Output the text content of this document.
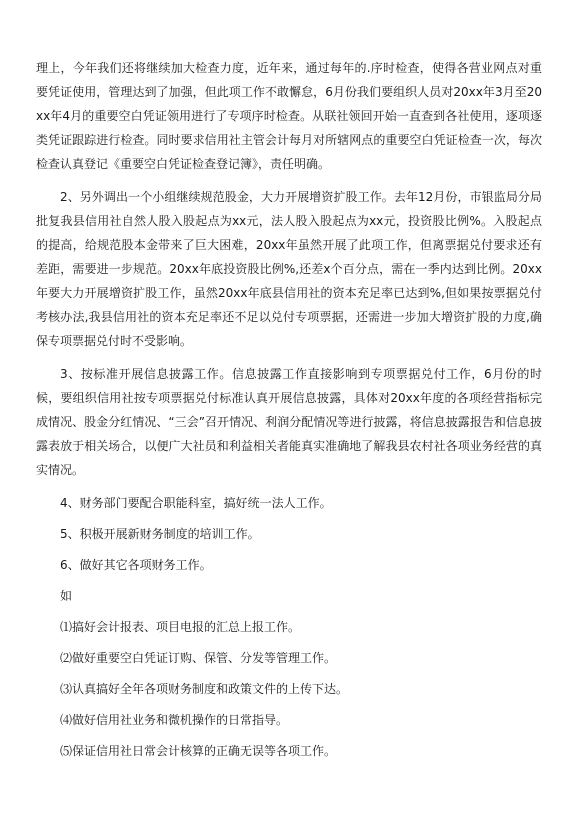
理上，今年我们还将继续加大检查力度，近年来，通过每年的.序时检查，使得各营业网点对重要凭证使用，管理达到了加强，但此项工作不敢懈怠，6月份我们要组织人员对20xx年3月至20xx年4月的重要空白凭证领用进行了专项序时检查。从联社领回开始一直查到各社使用，逐项逐类凭证跟踪进行检查。同时要求信用社主管会计每月对所辖网点的重要空白凭证检查一次，每次检查认真登记《重要空白凭证检查登记簿》，责任明确。

2、另外调出一个小组继续规范股金，大力开展增资扩股工作。去年12月份，市银监局分局批复我县信用社自然人股入股起点为xx元，法人股入股起点为xx元，投资股比例%。入股起点的提高，给规范股本金带来了巨大困难，20xx年虽然开展了此项工作，但离票据兑付要求还有差距，需要进一步规范。20xx年底投资股比例%,还差x个百分点，需在一季内达到比例。20xx年要大力开展增资扩股工作，虽然20xx年底县信用社的资本充足率已达到%,但如果按票据兑付考核办法,我县信用社的资本充足率还不足以兑付专项票据，还需进一步加大增资扩股的力度,确保专项票据兑付时不受影响。

3、按标准开展信息披露工作。信息披露工作直接影响到专项票据兑付工作，6月份的时候，要组织信用社按专项票据兑付标准认真开展信息披露，具体对20xx年度的各项经营指标完成情况、股金分红情况、“三会”召开情况、利润分配情况等进行披露，将信息披露报告和信息披露表放于相关场合，以便广大社员和利益相关者能真实准确地了解我县农村社各项业务经营的真实情况。

4、财务部门要配合职能科室，搞好统一法人工作。

5、积极开展新财务制度的培训工作。

6、做好其它各项财务工作。

如

⑴搞好会计报表、项目电报的汇总上报工作。

⑵做好重要空白凭证订购、保管、分发等管理工作。

⑶认真搞好全年各项财务制度和政策文件的上传下达。

⑷做好信用社业务和微机操作的日常指导。

⑸保证信用社日常会计核算的正确无误等各项工作。
